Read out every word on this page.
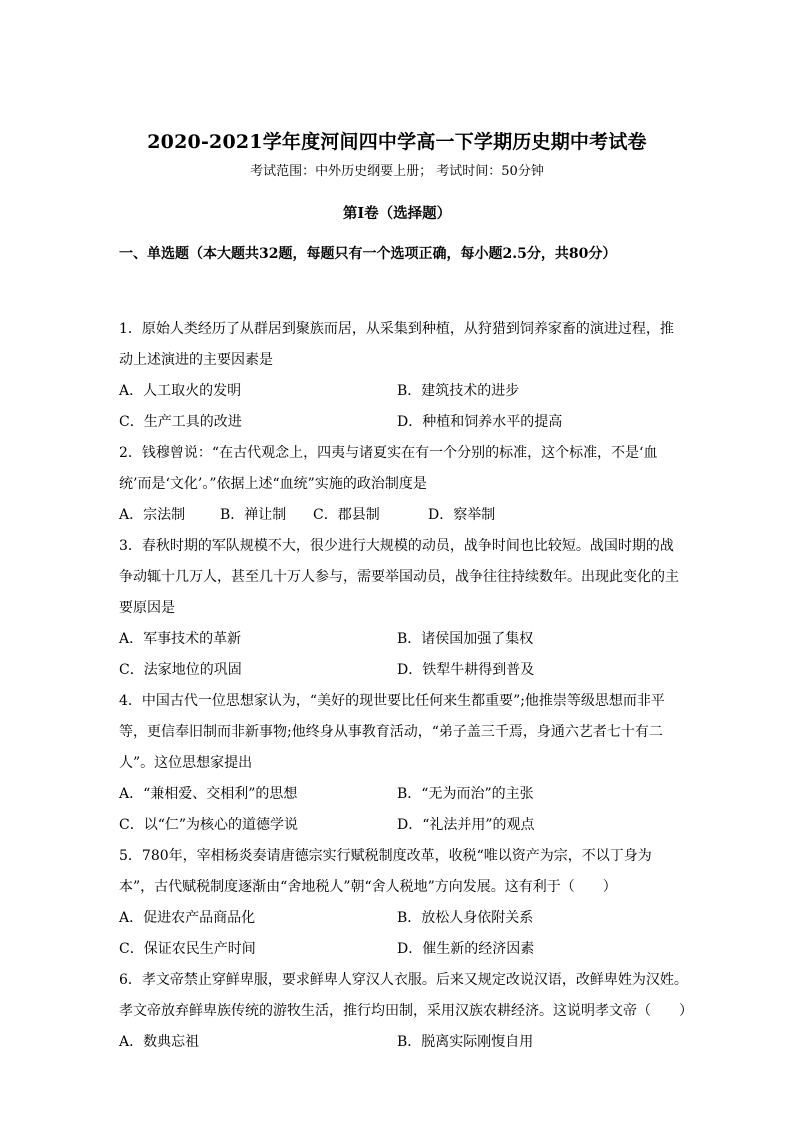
2020-2021学年度河间四中学高一下学期历史期中考试卷
考试范围：中外历史纲要上册； 考试时间：50分钟
第I卷（选择题）
一、单选题（本大题共32题，每题只有一个选项正确，每小题2.5分，共80分）
1．原始人类经历了从群居到聚族而居，从采集到种植，从狩猎到饲养家畜的演进过程，推
动上述演进的主要因素是
A．人工取火的发明	B．建筑技术的进步
C．生产工具的改进	D．种植和饲养水平的提高
2．钱穆曾说：“在古代观念上，四夷与诸夏实在有一个分别的标准，这个标准，不是‘血
统’而是‘文化’。”依据上述“血统”实施的政治制度是
A．宗法制 B．禅让制 C．郡县制	D．察举制
3．春秋时期的军队规模不大，很少进行大规模的动员，战争时间也比较短。战国时期的战
争动辄十几万人，甚至几十万人参与，需要举国动员，战争往往持续数年。出现此变化的主
要原因是
A．军事技术的革新	B．诸侯国加强了集权
C．法家地位的巩固	D．铁犁牛耕得到普及
4．中国古代一位思想家认为，“美好的现世要比任何来生都重要”;他推崇等级思想而非平
等，更信奉旧制而非新事物;他终身从事教育活动，“弟子盖三千焉，身通六艺者七十有二
人”。这位思想家提出
A．“兼相爱、交相利”的思想	B．“无为而治”的主张
C．以“仁”为核心的道德学说	D．“礼法并用”的观点
5．780年，宰相杨炎奏请唐德宗实行赋税制度改革，收税“唯以资产为宗，不以丁身为
本”，古代赋税制度逐渐由“舍地税人”朝“舍人税地”方向发展。这有利于（　　）
A．促进农产品商品化	B．放松人身依附关系
C．保证农民生产时间	D．催生新的经济因素
6．孝文帝禁止穿鲜卑服，要求鲜卑人穿汉人衣服。后来又规定改说汉语，改鲜卑姓为汉姓。
孝文帝放弃鲜卑族传统的游牧生活，推行均田制，采用汉族农耕经济。这说明孝文帝（　　）
A．数典忘祖	B．脱离实际刚愎自用
